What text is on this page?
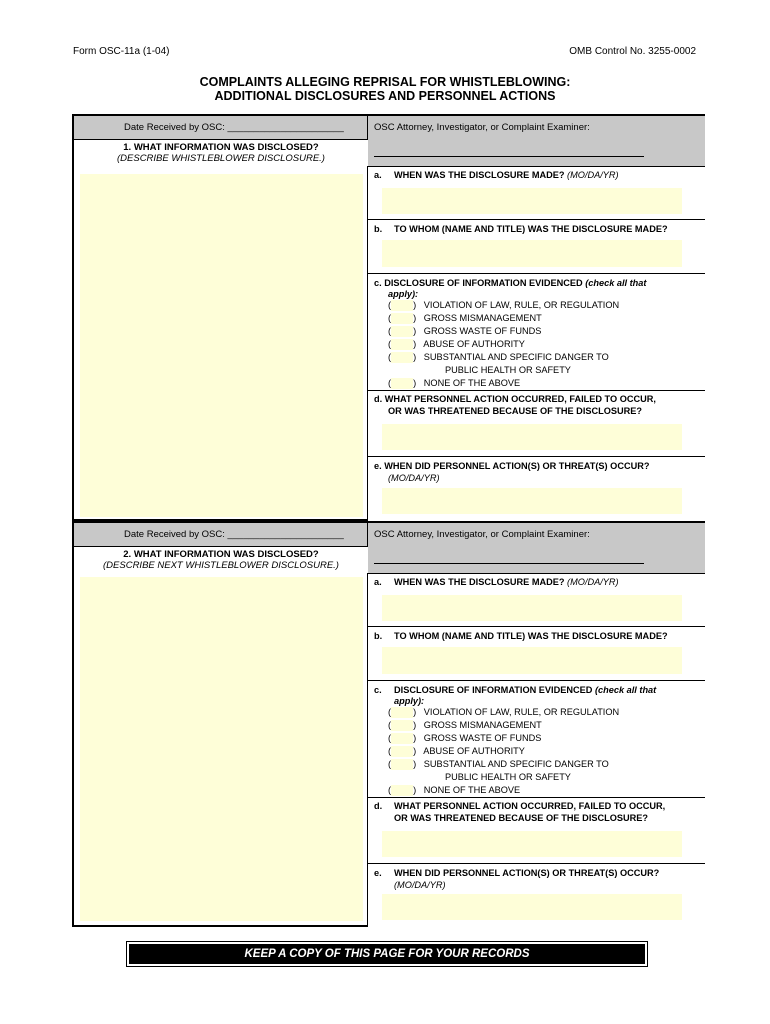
Form OSC-11a (1-04)	OMB Control No. 3255-0002
COMPLAINTS ALLEGING REPRISAL FOR WHISTLEBLOWING:
ADDITIONAL DISCLOSURES AND PERSONNEL ACTIONS
Date Received by OSC: ______________________	OSC Attorney, Investigator, or Complaint Examiner:
1. WHAT INFORMATION WAS DISCLOSED?
(DESCRIBE WHISTLEBLOWER DISCLOSURE.)
a. WHEN WAS THE DISCLOSURE MADE? (MO/DA/YR)
b. TO WHOM (NAME AND TITLE) WAS THE DISCLOSURE MADE?
c. DISCLOSURE OF INFORMATION EVIDENCED (check all that
apply):
( ) VIOLATION OF LAW, RULE, OR REGULATION
( ) GROSS MISMANAGEMENT
( ) GROSS WASTE OF FUNDS
( ) ABUSE OF AUTHORITY
( ) SUBSTANTIAL AND SPECIFIC DANGER TO
PUBLIC HEALTH OR SAFETY
( ) NONE OF THE ABOVE
d. WHAT PERSONNEL ACTION OCCURRED, FAILED TO OCCUR,
OR WAS THREATENED BECAUSE OF THE DISCLOSURE?
e. WHEN DID PERSONNEL ACTION(S) OR THREAT(S) OCCUR?
(MO/DA/YR)
Date Received by OSC: ______________________	OSC Attorney, Investigator, or Complaint Examiner:
2. WHAT INFORMATION WAS DISCLOSED?
(DESCRIBE NEXT WHISTLEBLOWER DISCLOSURE.)
a. WHEN WAS THE DISCLOSURE MADE? (MO/DA/YR)
b. TO WHOM (NAME AND TITLE) WAS THE DISCLOSURE MADE?
c. DISCLOSURE OF INFORMATION EVIDENCED (check all that
apply):
( ) VIOLATION OF LAW, RULE, OR REGULATION
( ) GROSS MISMANAGEMENT
( ) GROSS WASTE OF FUNDS
( ) ABUSE OF AUTHORITY
( ) SUBSTANTIAL AND SPECIFIC DANGER TO
PUBLIC HEALTH OR SAFETY
( ) NONE OF THE ABOVE
d. WHAT PERSONNEL ACTION OCCURRED, FAILED TO OCCUR,
OR WAS THREATENED BECAUSE OF THE DISCLOSURE?
e. WHEN DID PERSONNEL ACTION(S) OR THREAT(S) OCCUR?
(MO/DA/YR)
KEEP A COPY OF THIS PAGE FOR YOUR RECORDS
